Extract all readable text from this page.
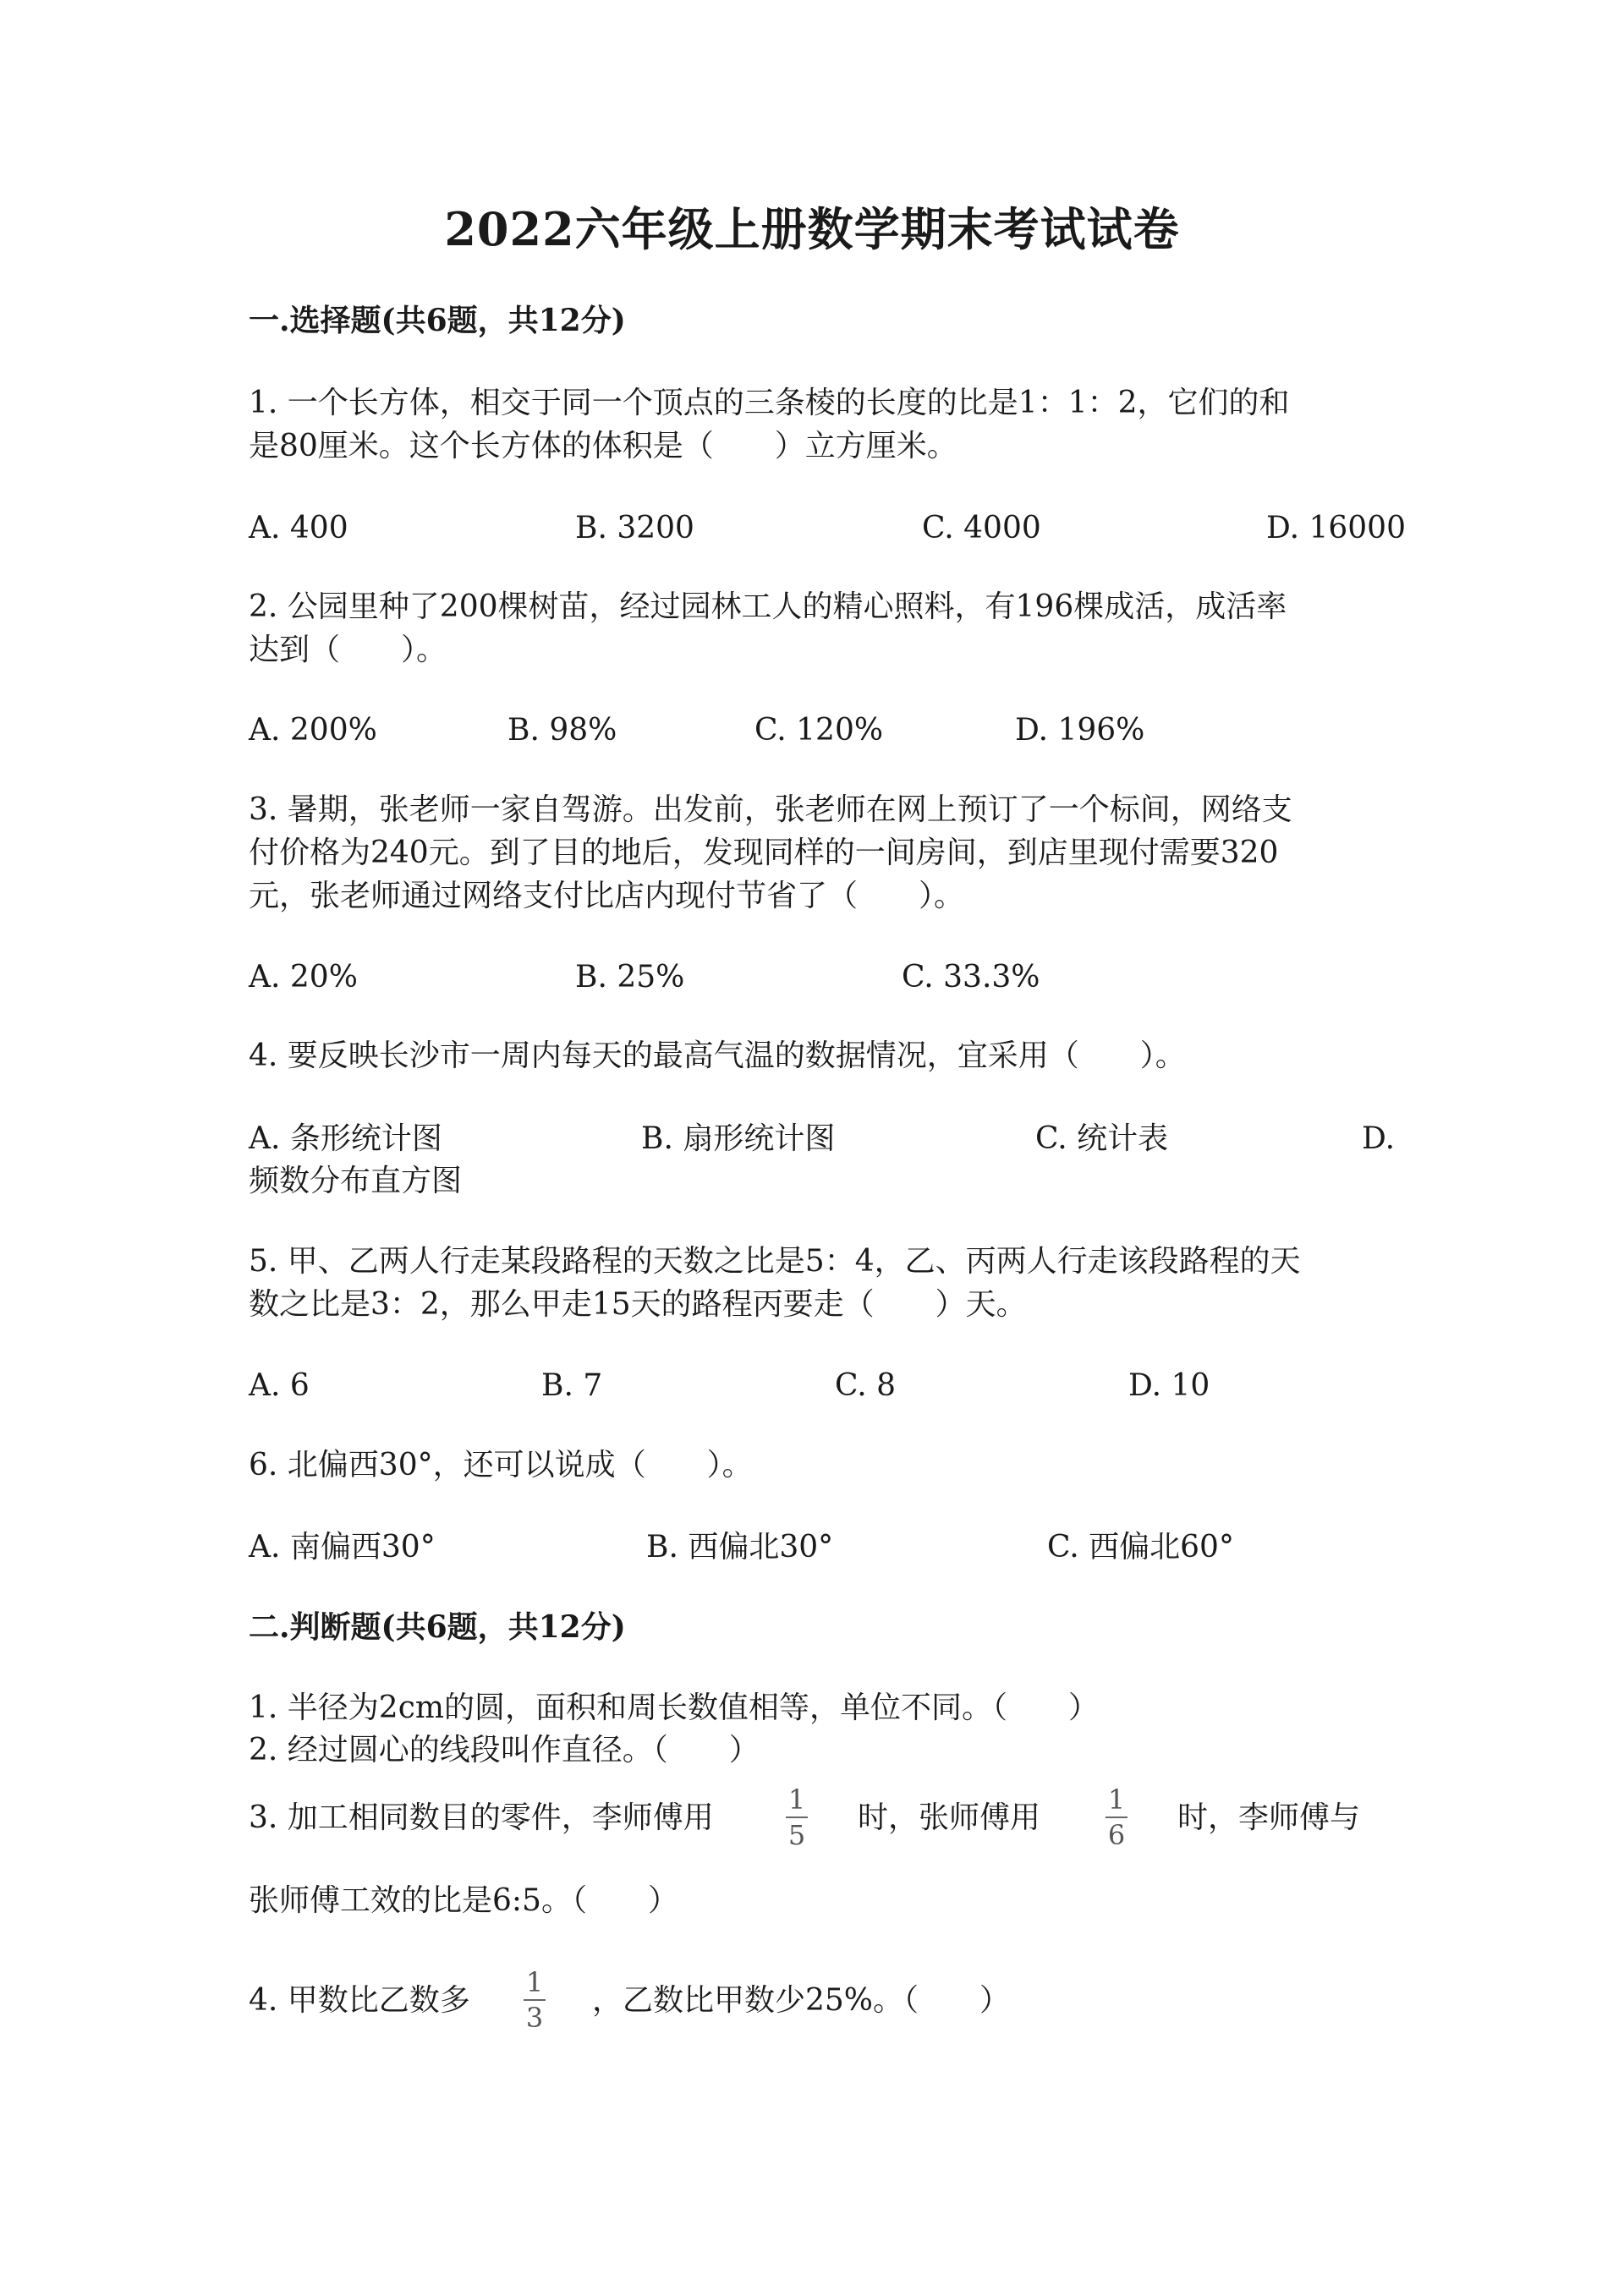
2022六年级上册数学期末考试试卷
一.选择题(共6题，共12分)
1. 一个长方体，相交于同一个顶点的三条棱的长度的比是1：1：2，它们的和
是80厘米。这个长方体的体积是（　　）立方厘米。
A. 400	B. 3200	C. 4000	D. 16000
2. 公园里种了200棵树苗，经过园林工人的精心照料，有196棵成活，成活率
达到（　　）。
A. 200%	B. 98%	C. 120%	D. 196%
3. 暑期，张老师一家自驾游。出发前，张老师在网上预订了一个标间，网络支
付价格为240元。到了目的地后，发现同样的一间房间，到店里现付需要320
元，张老师通过网络支付比店内现付节省了（　　）。
A. 20%	B. 25%	C. 33.3%
4. 要反映长沙市一周内每天的最高气温的数据情况，宜采用（　　）。
A. 条形统计图	B. 扇形统计图	C. 统计表	D.
频数分布直方图
5. 甲、乙两人行走某段路程的天数之比是5：4，乙、丙两人行走该段路程的天
数之比是3：2，那么甲走15天的路程丙要走（　　）天。
A. 6	B. 7	C. 8	D. 10
6. 北偏西30°，还可以说成（　　）。
A. 南偏西30°	B. 西偏北30°	C. 西偏北60°
二.判断题(共6题，共12分)
1. 半径为2cm的圆，面积和周长数值相等，单位不同。（　　）
2. 经过圆心的线段叫作直径。（　　）
3. 加工相同数目的零件，李师傅用
1
5 时，张师傅用
1
6 时，李师傅与
张师傅工效的比是6:5。（　　）
4. 甲数比乙数多
1
3 ，乙数比甲数少25%。（　　）
